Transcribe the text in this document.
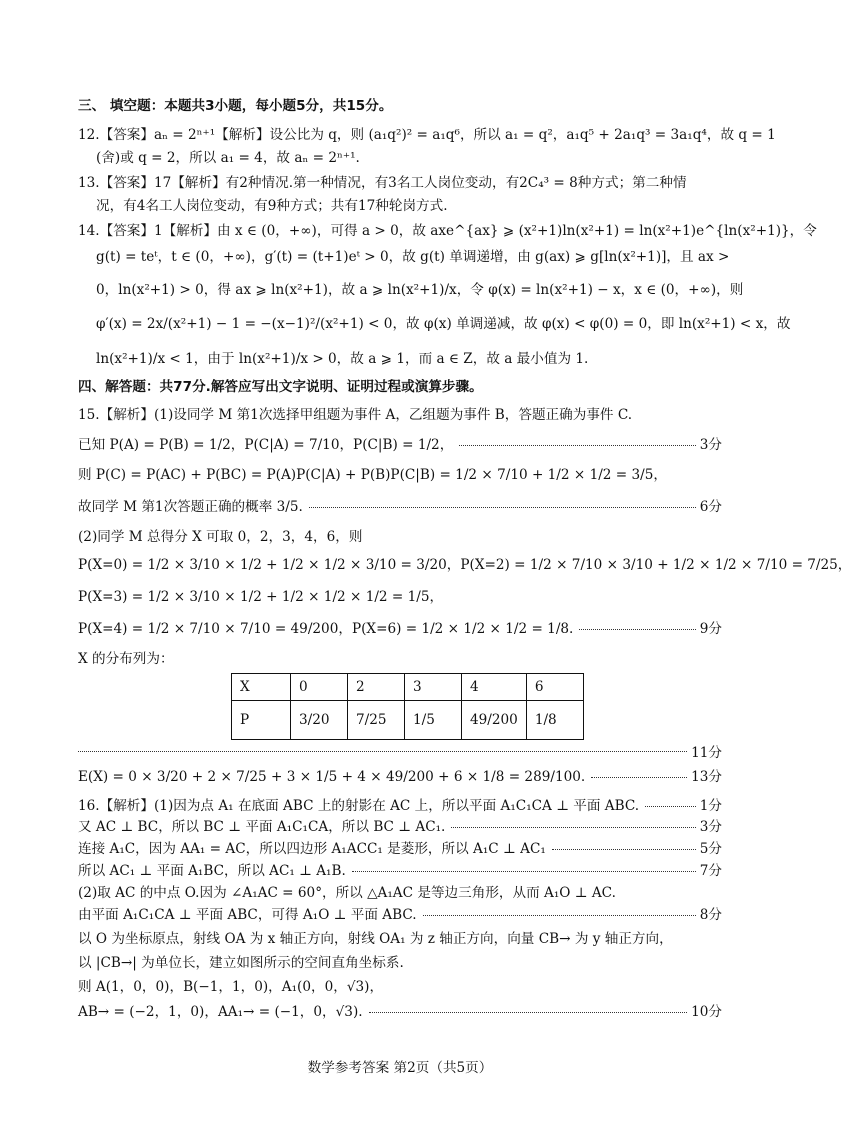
三、 填空题：本题共3小题，每小题5分，共15分。
12.【答案】aₙ = 2ⁿ⁺¹【解析】设公比为 q，则 (a₁q²)² = a₁q⁶，所以 a₁ = q²，a₁q⁵ + 2a₁q³ = 3a₁q⁴，故 q = 1
(舍)或 q = 2，所以 a₁ = 4，故 aₙ = 2ⁿ⁺¹.
13.【答案】17【解析】有2种情况.第一种情况，有3名工人岗位变动，有2C₄³ = 8种方式；第二种情
况，有4名工人岗位变动，有9种方式；共有17种轮岗方式.
14.【答案】1【解析】由 x ∈ (0，+∞)，可得 a > 0，故 axe^{ax} ⩾ (x²+1)ln(x²+1) = ln(x²+1)e^{ln(x²+1)}，令
g(t) = teᵗ，t ∈ (0，+∞)，g′(t) = (t+1)eᵗ > 0，故 g(t) 单调递增，由 g(ax) ⩾ g[ln(x²+1)]，且 ax >
0，ln(x²+1) > 0，得 ax ⩾ ln(x²+1)，故 a ⩾ ln(x²+1)/x，令 φ(x) = ln(x²+1) − x，x ∈ (0，+∞)，则
φ′(x) = 2x/(x²+1) − 1 = −(x−1)²/(x²+1) < 0，故 φ(x) 单调递减，故 φ(x) < φ(0) = 0，即 ln(x²+1) < x，故
ln(x²+1)/x < 1，由于 ln(x²+1)/x > 0，故 a ⩾ 1，而 a ∈ Z，故 a 最小值为 1.
四、解答题：共77分.解答应写出文字说明、证明过程或演算步骤。
15.【解析】(1)设同学 M 第1次选择甲组题为事件 A，乙组题为事件 B，答题正确为事件 C.
已知 P(A) = P(B) = 1/2，P(C|A) = 7/10，P(C|B) = 1/2，	3分
则 P(C) = P(AC) + P(BC) = P(A)P(C|A) + P(B)P(C|B) = 1/2 × 7/10 + 1/2 × 1/2 = 3/5，
故同学 M 第1次答题正确的概率 3/5.	6分
(2)同学 M 总得分 X 可取 0，2，3，4，6，则
P(X=0) = 1/2 × 3/10 × 1/2 + 1/2 × 1/2 × 3/10 = 3/20，P(X=2) = 1/2 × 7/10 × 3/10 + 1/2 × 1/2 × 7/10 = 7/25，
P(X=3) = 1/2 × 3/10 × 1/2 + 1/2 × 1/2 × 1/2 = 1/5，
P(X=4) = 1/2 × 7/10 × 7/10 = 49/200，P(X=6) = 1/2 × 1/2 × 1/2 = 1/8.	9分
X 的分布列为：
X	0	2	3	4	6
P	3/20	7/25	1/5	49/200	1/8
11分
E(X) = 0 × 3/20 + 2 × 7/25 + 3 × 1/5 + 4 × 49/200 + 6 × 1/8 = 289/100.	13分
16.【解析】(1)因为点 A₁ 在底面 ABC 上的射影在 AC 上，所以平面 A₁C₁CA ⊥ 平面 ABC.	1分
又 AC ⊥ BC，所以 BC ⊥ 平面 A₁C₁CA，所以 BC ⊥ AC₁.	3分
连接 A₁C，因为 AA₁ = AC，所以四边形 A₁ACC₁ 是菱形，所以 A₁C ⊥ AC₁	5分
所以 AC₁ ⊥ 平面 A₁BC，所以 AC₁ ⊥ A₁B.	7分
(2)取 AC 的中点 O.因为 ∠A₁AC = 60°，所以 △A₁AC 是等边三角形，从而 A₁O ⊥ AC.
由平面 A₁C₁CA ⊥ 平面 ABC，可得 A₁O ⊥ 平面 ABC.	8分
以 O 为坐标原点，射线 OA 为 x 轴正方向，射线 OA₁ 为 z 轴正方向，向量 CB→ 为 y 轴正方向，
以 |CB→| 为单位长，建立如图所示的空间直角坐标系.
则 A(1，0，0)，B(−1，1，0)，A₁(0，0，√3)，
AB→ = (−2，1，0)，AA₁→ = (−1，0，√3).	10分
数学参考答案 第2页（共5页）
